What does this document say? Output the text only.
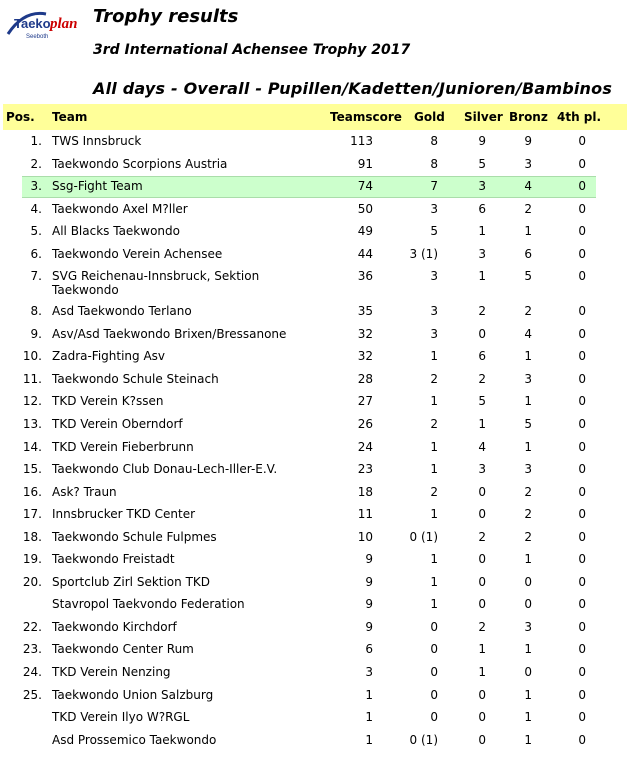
Taeko plan
Seeboth
Trophy results
3rd International Achensee Trophy 2017
All days - Overall - Pupillen/Kadetten/Junioren/Bambinos
Pos. Team	Teamscore Gold Silver Bronz 4th pl.
1. TWS Innsbruck	113	8	9	9	0
2. Taekwondo Scorpions Austria	91	8	5	3	0
3. Ssg-Fight Team	74	7	3	4	0
4. Taekwondo Axel M?ller	50	3	6	2	0
5. All Blacks Taekwondo	49	5	1	1	0
6. Taekwondo Verein Achensee	44	3 (1)	3	6	0
7. SVG Reichenau-Innsbruck, Sektion Taekwondo
36	3	1	5	0
8. Asd Taekwondo Terlano	35	3	2	2	0
9. Asv/Asd Taekwondo Brixen/Bressanone	32	3	0	4	0
10. Zadra-Fighting Asv	32	1	6	1	0
11. Taekwondo Schule Steinach	28	2	2	3	0
12. TKD Verein K?ssen	27	1	5	1	0
13. TKD Verein Oberndorf	26	2	1	5	0
14. TKD Verein Fieberbrunn	24	1	4	1	0
15. Taekwondo Club Donau-Lech-Iller-E.V.	23	1	3	3	0
16. Ask? Traun	18	2	0	2	0
17. Innsbrucker TKD Center	11	1	0	2	0
18. Taekwondo Schule Fulpmes	10	0 (1)	2	2	0
19. Taekwondo Freistadt	9	1	0	1	0
20. Sportclub Zirl Sektion TKD	9	1	0	0	0
Stavropol Taekvondo Federation	9	1	0	0	0
22. Taekwondo Kirchdorf	9	0	2	3	0
23. Taekwondo Center Rum	6	0	1	1	0
24. TKD Verein Nenzing	3	0	1	0	0
25. Taekwondo Union Salzburg	1	0	0	1	0
TKD Verein Ilyo W?RGL	1	0	0	1	0
Asd Prossemico Taekwondo	1	0 (1)	0	1	0
